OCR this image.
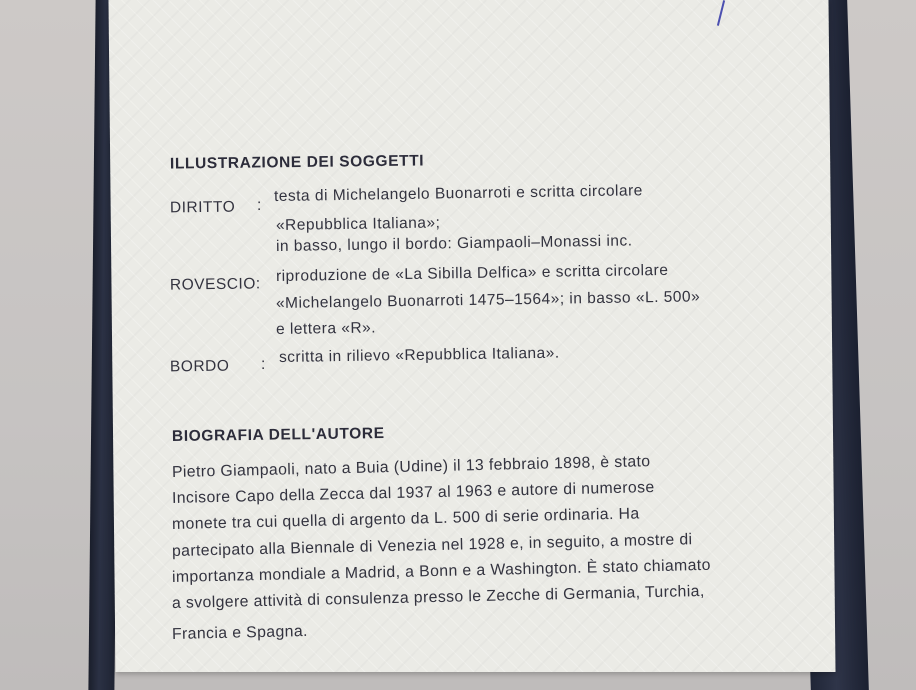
ILLUSTRAZIONE DEI SOGGETTI
DIRITTO :
testa di Michelangelo Buonarroti e scritta circolare
«Repubblica Italiana»;
in basso, lungo il bordo: Giampaoli–Monassi inc.
ROVESCIO: riproduzione de «La Sibilla Delfica» e scritta circolare
«Michelangelo Buonarroti 1475–1564»; in basso «L. 500»
e lettera «R».
BORDO : scritta in rilievo «Repubblica Italiana».
BIOGRAFIA DELL'AUTORE
Pietro Giampaoli, nato a Buia (Udine) il 13 febbraio 1898, è stato
Incisore Capo della Zecca dal 1937 al 1963 e autore di numerose
monete tra cui quella di argento da L. 500 di serie ordinaria. Ha
partecipato alla Biennale di Venezia nel 1928 e, in seguito, a mostre di
importanza mondiale a Madrid, a Bonn e a Washington. È stato chiamato
a svolgere attività di consulenza presso le Zecche di Germania, Turchia,
Francia e Spagna.
